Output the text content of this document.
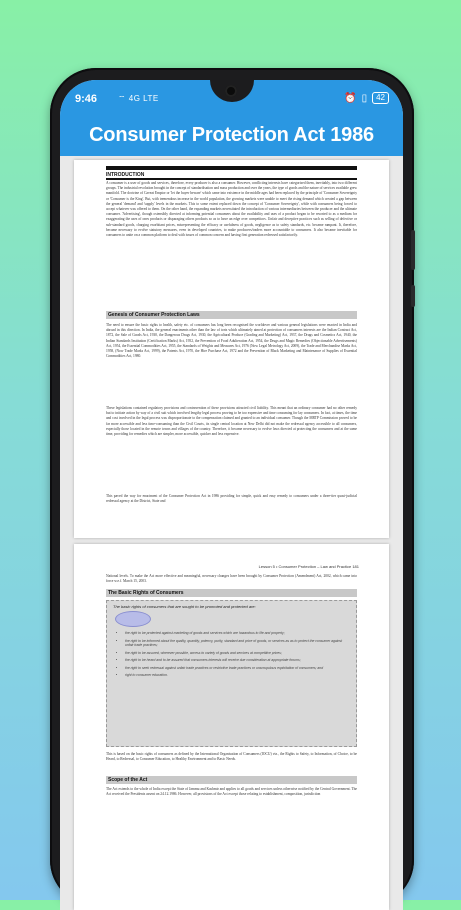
9:46	⌔ 4G LTE	⏰ ▯	42
Consumer Protection Act 1986
INTRODUCTION
A consumer is a user of goods and services, therefore, every producer is also a consumer. However, conflicting interests have categorised them, inevitably, into two different groups. The industrial revolution brought in the concept of standardisation and mass production and over the years, the type of goods and the nature of services available grew manifold. The doctrine of Caveat Emptor or 'let the buyer beware' which came into existence in the middle ages had been replaced by the principle of 'Consumer Sovereignty or 'Consumer is the King'. But, with tremendous increase in the world population, the growing markets were unable to meet the rising demand which created a gap between the general 'demand' and 'supply' levels in the markets. This to some extent replaced down the concept of 'Consumer Sovereignty', while with consumers being forced to accept whatever was offered to them. On the other hand, the expanding markets necessitated the introduction of various intermediaries between the producer and the ultimate consumer. 'Advertising', though ostensibly directed at informing potential consumers about the availability and uses of a product began to be resorted to as a medium for exaggerating the uses of ones products or disparaging others products so as to have an edge over competitors. Unfair and deceptive practices such as selling of defective or sub-standard goods, charging exorbitant prices, misrepresenting the efficacy or usefulness of goods, negligence as to safety standards, etc. became rampant. It, therefore, became necessary to evolve statutory measures, even in developed countries, to make producers/traders more accountable to consumers. It also became inevitable for consumers to unite on a common platform to deal with issues of common concern and having first generation redressed satisfactorily.
Genesis of Consumer Protection Laws
The need to ensure the basic rights to health, safety etc. of consumers has long been recognised the worldover and various general legislations were enacted in India and abroad in this direction. In India, the general enactments other than the law of torts which ultimately aimed at protection of consumers interests are the Indian Contract Act, 1872, the Sale of Goods Act, 1930, the Dangerous Drugs Act, 1930, the Agricultural Produce (Grading and Marketing) Act, 1937, the Drugs and Cosmetics Act, 1940, the Indian Standards Institution (Certification Marks) Act, 1952, the Prevention of Food Adulteration Act, 1954, the Drugs and Magic Remedies (Objectionable Advertisements) Act, 1954, the Essential Commodities Act, 1955, the Standards of Weights and Measures Act, 1976 (Now Legal Metrology Act, 2009), the Trade and Merchandise Marks Act, 1958, (Now Trade Marks Act, 1999), the Patents Act, 1970, the Hire Purchase Act, 1972 and the Prevention of Black Marketing and Maintenance of Supplies of Essential Commodities Act, 1980.
These legislations contained regulatory provisions and contravention of these provisions attracted civil liability. This meant that an ordinary consumer had no other remedy but to initiate action by way of a civil suit which involved lengthy legal process proving to be too expensive and time consuming for lay consumers. In fact, at times, the time and cost involved in the legal process was disproportionate to the compensation claimed and granted to an individual consumer. Though the MRTP Commission proved to be far more accessible and less time-consuming than the Civil Courts, its single central location at New Delhi did not make the redressal agency accessible to all consumers, especially those located in the remote towns and villages of the country. Therefore, it became necessary to evolve laws directed at protecting the consumers and at the same time, providing for remedies which are simpler, more accessible, quicker and less expensive.
This paved the way for enactment of the Consumer Protection Act in 1986 providing for simple, quick and easy remedy to consumers under a three-tier quasi-judicial redressal agency at the District, State and
Lesson 5 • Consumer Protection – Law and Practice 181
National levels. To make the Act more effective and meaningful, necessary changes have been brought by Consumer Protection (Amendment) Act, 2002, which came into force w.e.f. March 15, 2003.
The Basic Rights of Consumers
The basic rights of consumers that are sought to be promoted and protected are:
• the right to be protected against marketing of goods and services which are hazardous to life and property;
• the right to be informed about the quality, quantity, potency, purity, standard and price of goods, or services as as to protect the consumer against unfair trade practices;
• the right to be assured, wherever possible, access to variety of goods and services at competitive prices;
• the right to be heard and to be assured that consumers interests will receive due consideration at appropriate forums;
• the right to seek redressal against unfair trade practices or restrictive trade practices or unscrupulous exploitation of consumers; and
• right to consumer education.
This is based on the basic rights of consumers as defined by the International Organisation of Consumers (IOCU) viz., the Rights to Safety, to Information, of Choice, to be Heard, to Redressal, to Consumer Education, to Healthy Environment and to Basic Needs.
Scope of the Act
The Act extends to the whole of India except the State of Jammu and Kashmir and applies to all goods and services unless otherwise notified by the Central Government. The Act received the Presidents assent on 24.12.1986. However, all provisions of the Act except those relating to establishment, composition, jurisdiction
